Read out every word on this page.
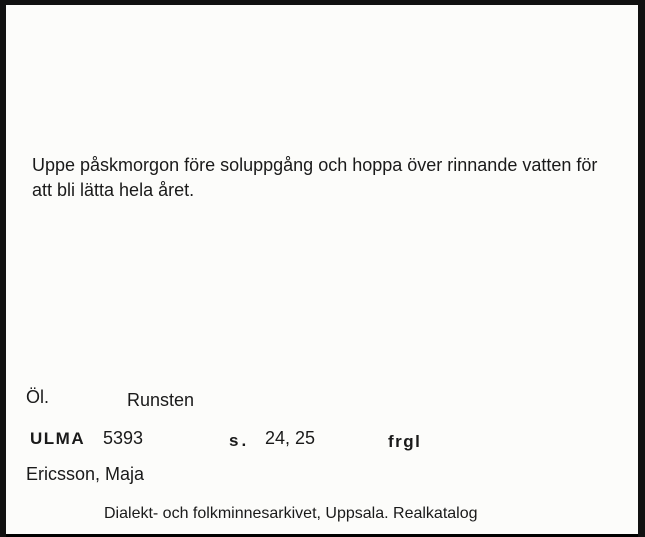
Uppe påskmorgon före soluppgång och hoppa över rinnande vatten för att bli lätta hela året.

Öl.	Runsten
ULMA 5393	s. 24, 25	frgl
Ericsson, Maja
Dialekt- och folkminnesarkivet, Uppsala. Realkatalog
